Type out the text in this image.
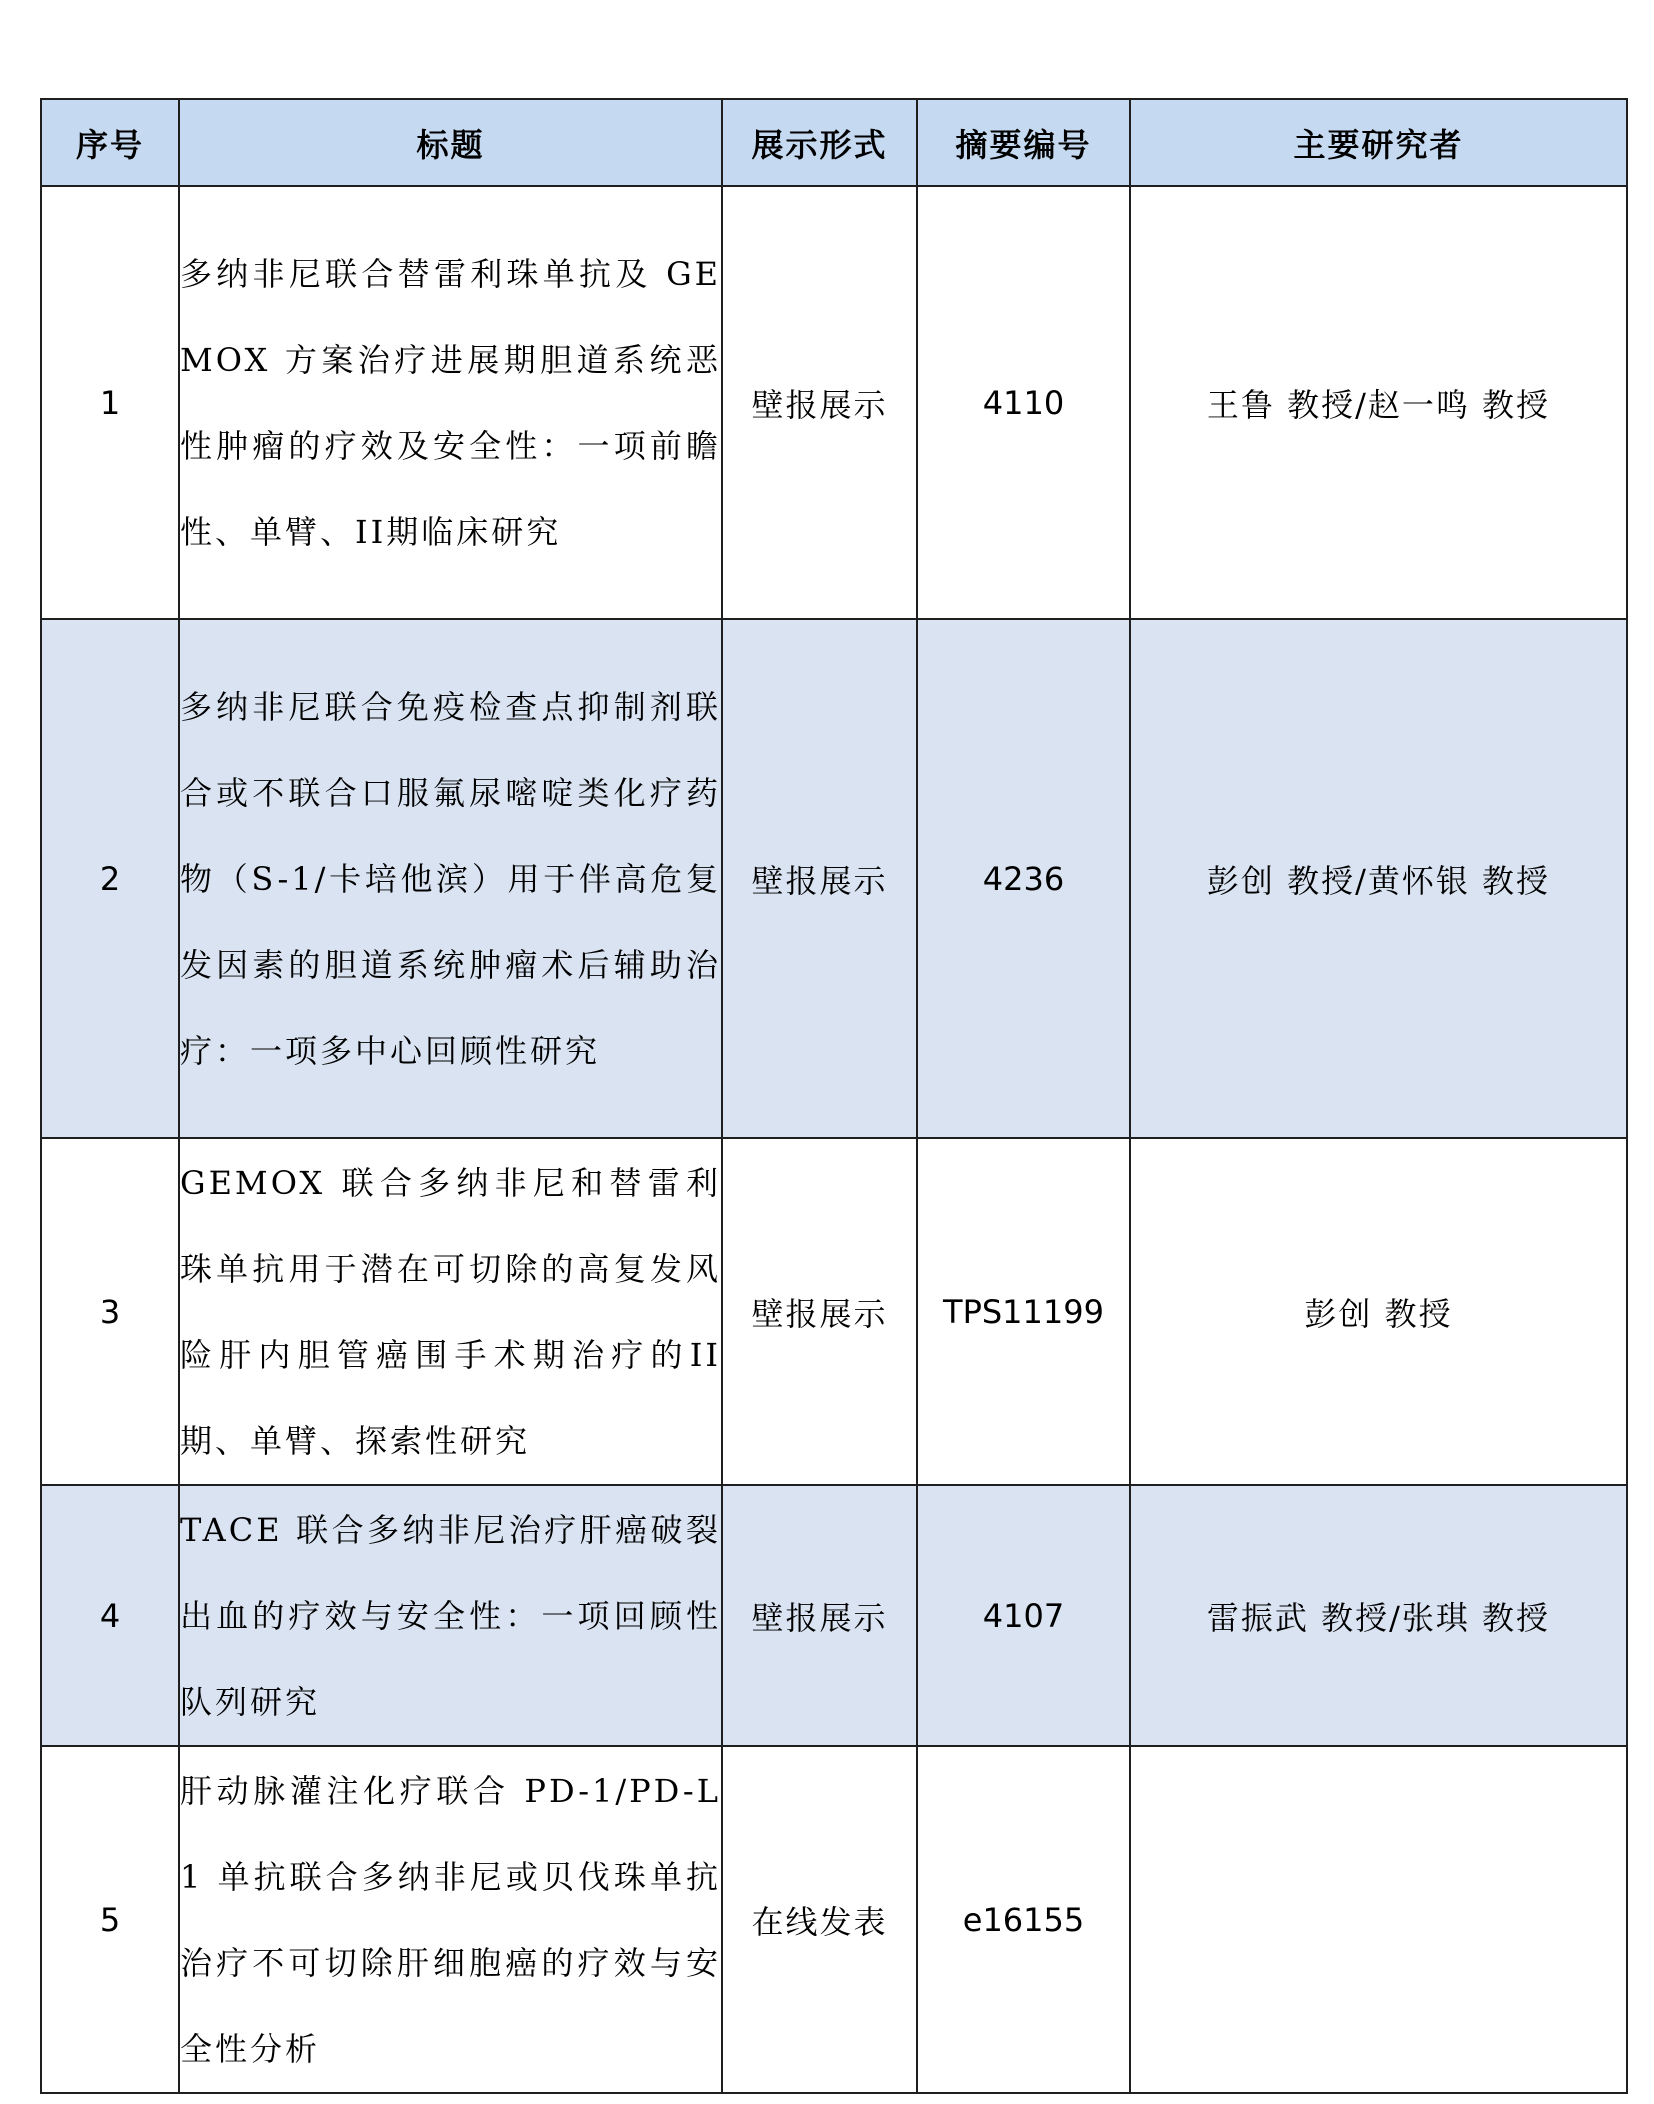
序号	标题	展示形式	摘要编号	主要研究者
1	多纳非尼联合替雷利珠单抗及 GEMOX 方案治疗进展期胆道系统恶性肿瘤的疗效及安全性：一项前瞻性、单臂、II期临床研究	壁报展示	4110	王鲁 教授/赵一鸣 教授
2	多纳非尼联合免疫检查点抑制剂联合或不联合口服氟尿嘧啶类化疗药物（S-1/卡培他滨）用于伴高危复发因素的胆道系统肿瘤术后辅助治疗：一项多中心回顾性研究	壁报展示	4236	彭创 教授/黄怀银 教授
3	GEMOX 联合多纳非尼和替雷利珠单抗用于潜在可切除的高复发风险肝内胆管癌围手术期治疗的II期、单臂、探索性研究	壁报展示	TPS11199	彭创 教授
4	TACE 联合多纳非尼治疗肝癌破裂出血的疗效与安全性：一项回顾性队列研究	壁报展示	4107	雷振武 教授/张琪 教授
5	肝动脉灌注化疗联合 PD-1/PD-L1 单抗联合多纳非尼或贝伐珠单抗治疗不可切除肝细胞癌的疗效与安全性分析	在线发表	e16155	
